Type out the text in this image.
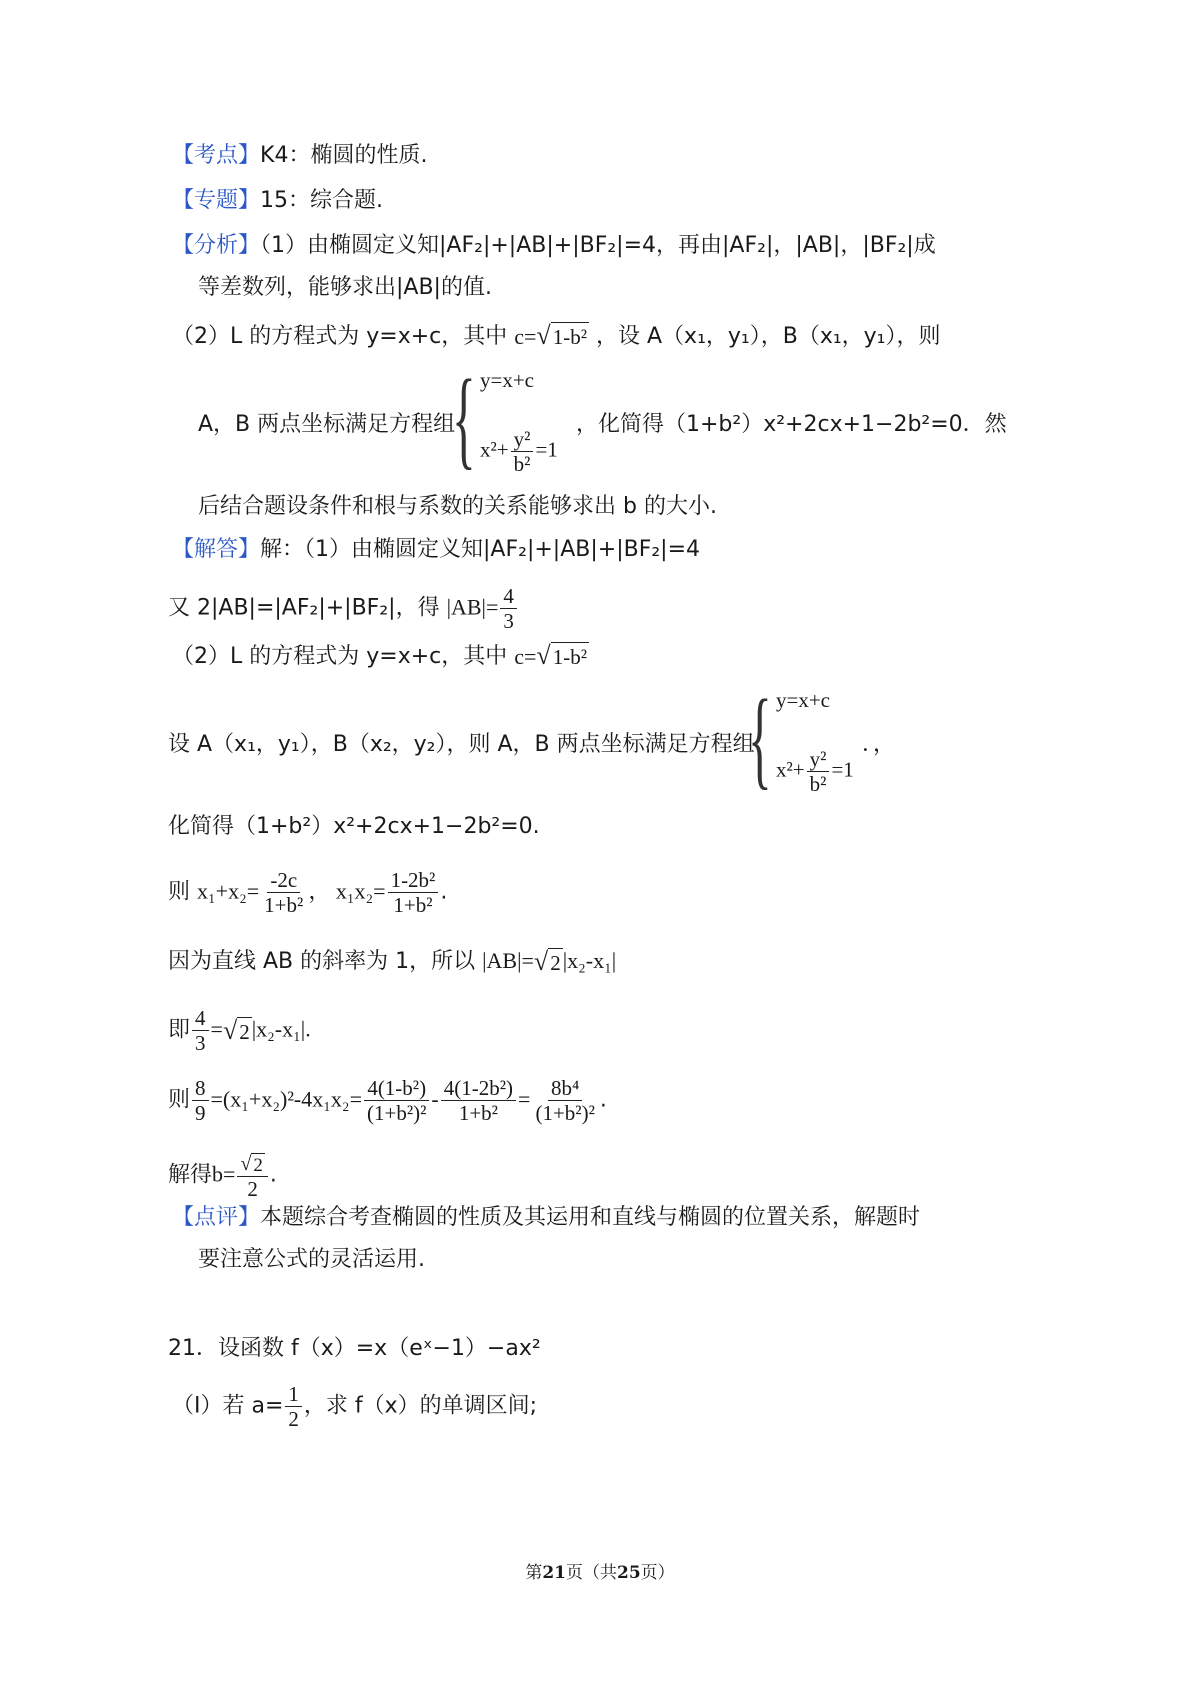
【考点】K4：椭圆的性质.
【专题】15：综合题.
【分析】（1）由椭圆定义知|AF₂|+|AB|+|BF₂|=4，再由|AF₂|，|AB|，|BF₂|成
等差数列，能够求出|AB|的值.
（2）L 的方程式为 y=x+c，其中 c= √ 1-b² ，设 A（x₁，y₁），B（x₁，y₁），则
A，B 两点坐标满足方程组
{ y=x+c
$x^2+ \frac{\text{y²}}{\text{b²}} =1$
，化简得（1+b²）x²+2cx+1−2b²=0．然
后结合题设条件和根与系数的关系能够求出 b 的大小.
【解答】解：（1）由椭圆定义知|AF₂|+|AB|+|BF₂|=4
又 2|AB|=|AF₂|+|BF₂|，得 $|AB|= \frac{4}{3}$
（2）L 的方程式为 y=x+c，其中 c= √ 1-b²
设 A（x₁，y₁），B（x₂，y₂），则 A，B 两点坐标满足方程组
{ y=x+c
$x^2+ \frac{\text{y²}}{\text{b²}} =1$
．，
化简得（1+b²）x²+2cx+1−2b²=0.
则 $x_1+x_2= \frac{-2c}{\text{1+b²}}$ ， $x_1x_2= \frac{\text{1-2b²}}{\text{1+b²}}$ .
因为直线 AB 的斜率为 1，所以 |AB|= √ 2 |x₂-x₁|
即 $\frac{4}{3}$ = √ 2 |x₂-x₁|.
则 $\frac{8}{9} =(x_1+x_2)^2-4x_1x_2= \frac{\text{4(1-b²)}}{\text{(1+b²)²}} - \frac{\text{4(1-2b²)}}{\text{1+b²}} = \frac{\text{8b⁴}}{\text{(1+b²)²}}$ .
解得$b= \frac{√ 2}{2}$ .
【点评】本题综合考查椭圆的性质及其运用和直线与椭圆的位置关系，解题时
要注意公式的灵活运用.
21．设函数 f（x）=x（eˣ−1）−ax²
（Ⅰ）若 $a= \frac{1}{2}$ ，求 f（x）的单调区间;
第21页（共25页）
